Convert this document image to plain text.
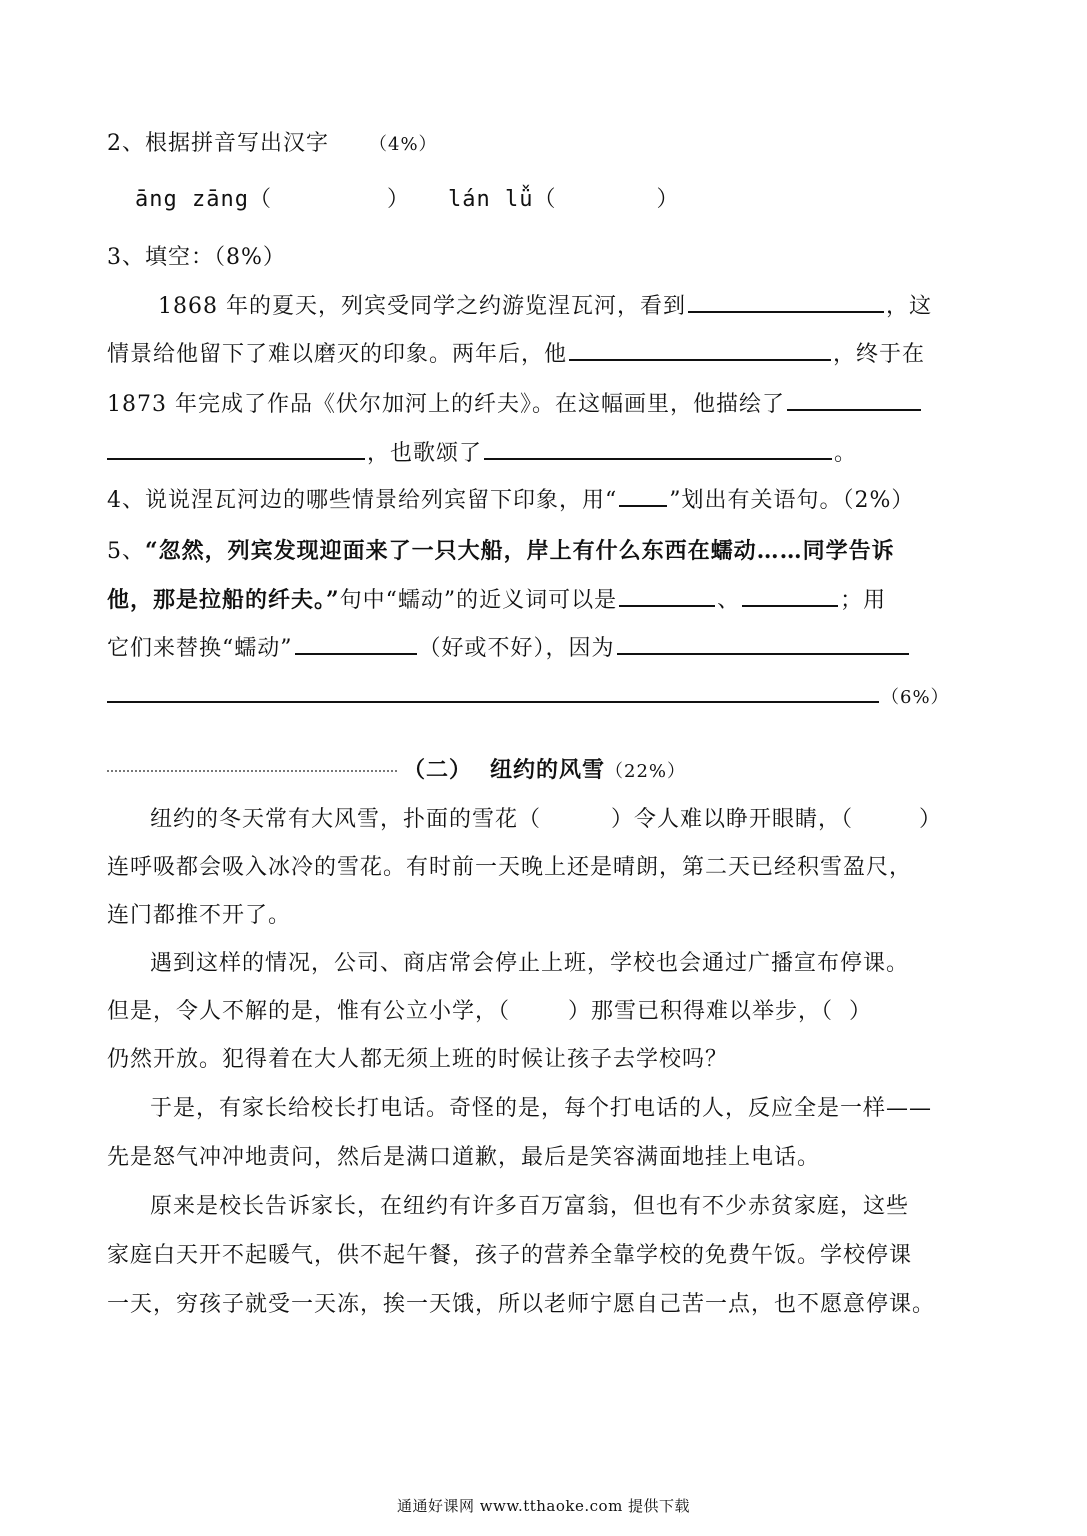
2、根据拼音写出汉字 （4%）
āng zāng（	） lán lǚ（	）
3、填空：（8%）
1868 年的夏天，列宾受同学之约游览涅瓦河，看到	，这
情景给他留下了难以磨灭的印象。两年后，他	，终于在
1873 年完成了作品《伏尔加河上的纤夫》。在这幅画里，他描绘了
，也歌颂了	。
4、说说涅瓦河边的哪些情景给列宾留下印象，用“ ”划出有关语句。（2%）
5、“忽然，列宾发现迎面来了一只大船，岸上有什么东西在蠕动……同学告诉
他，那是拉船的纤夫。”句中“蠕动”的近义词可以是	、	；用
它们来替换“蠕动”	（好或不好），因为
（6%）
（二） 纽约的风雪（22%）
纽约的冬天常有大风雪，扑面的雪花（	）令人难以睁开眼睛，（	）
连呼吸都会吸入冰冷的雪花。有时前一天晚上还是晴朗，第二天已经积雪盈尺，
连门都推不开了。
遇到这样的情况，公司、商店常会停止上班，学校也会通过广播宣布停课。
但是，令人不解的是，惟有公立小学，（	）那雪已积得难以举步，（ ）
仍然开放。犯得着在大人都无须上班的时候让孩子去学校吗？
于是，有家长给校长打电话。奇怪的是，每个打电话的人，反应全是一样——
先是怒气冲冲地责问，然后是满口道歉，最后是笑容满面地挂上电话。
原来是校长告诉家长，在纽约有许多百万富翁，但也有不少赤贫家庭，这些
家庭白天开不起暖气，供不起午餐，孩子的营养全靠学校的免费午饭。学校停课
一天，穷孩子就受一天冻，挨一天饿，所以老师宁愿自己苦一点，也不愿意停课。
通通好课网 www.tthaoke.com 提供下载
